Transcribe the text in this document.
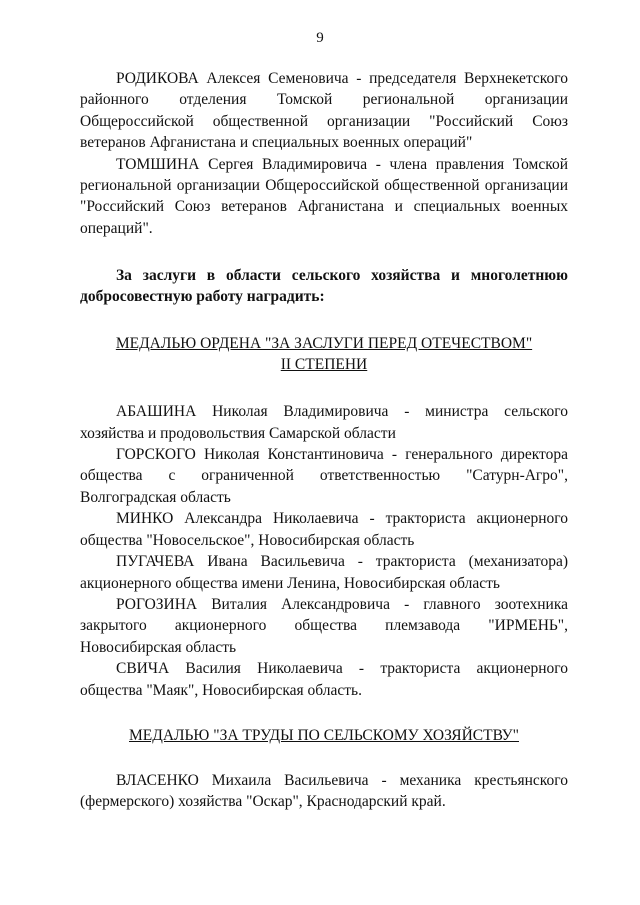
9

РОДИКОВА Алексея Семеновича - председателя Верхнекетского районного отделения Томской региональной организации Общероссийской общественной организации "Российский Союз ветеранов Афганистана и специальных военных операций"

ТОМШИНА Сергея Владимировича - члена правления Томской региональной организации Общероссийской общественной организации "Российский Союз ветеранов Афганистана и специальных военных операций".

За заслуги в области сельского хозяйства и многолетнюю добросовестную работу наградить:

МЕДАЛЬЮ ОРДЕНА "ЗА ЗАСЛУГИ ПЕРЕД ОТЕЧЕСТВОМ"
II СТЕПЕНИ

АБАШИНА Николая Владимировича - министра сельского хозяйства и продовольствия Самарской области

ГОРСКОГО Николая Константиновича - генерального директора общества с ограниченной ответственностью "Сатурн-Агро", Волгоградская область

МИНКО Александра Николаевича - тракториста акционерного общества "Новосельское", Новосибирская область

ПУГАЧЕВА Ивана Васильевича - тракториста (механизатора) акционерного общества имени Ленина, Новосибирская область

РОГОЗИНА Виталия Александровича - главного зоотехника закрытого акционерного общества племзавода "ИРМЕНЬ", Новосибирская область

СВИЧА Василия Николаевича - тракториста акционерного общества "Маяк", Новосибирская область.

МЕДАЛЬЮ "ЗА ТРУДЫ ПО СЕЛЬСКОМУ ХОЗЯЙСТВУ"

ВЛАСЕНКО Михаила Васильевича - механика крестьянского (фермерского) хозяйства "Оскар", Краснодарский край.
